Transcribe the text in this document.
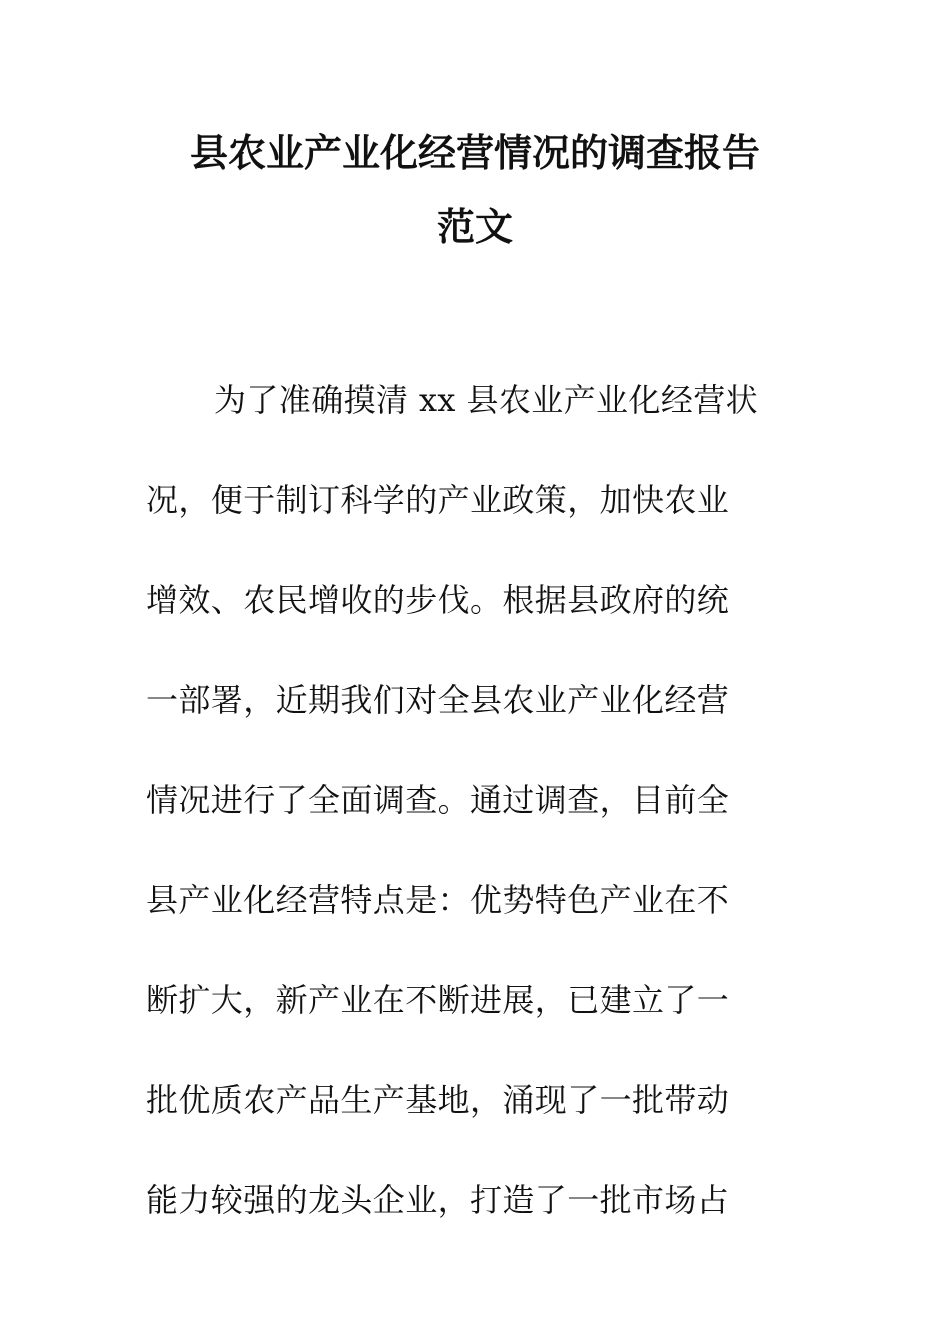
县农业产业化经营情况的调查报告
范文
为了准确摸清 xx 县农业产业化经营状
况，便于制订科学的产业政策，加快农业
增效、农民增收的步伐。根据县政府的统
一部署，近期我们对全县农业产业化经营
情况进行了全面调查。通过调查，目前全
县产业化经营特点是：优势特色产业在不
断扩大，新产业在不断进展，已建立了一
批优质农产品生产基地，涌现了一批带动
能力较强的龙头企业，打造了一批市场占
